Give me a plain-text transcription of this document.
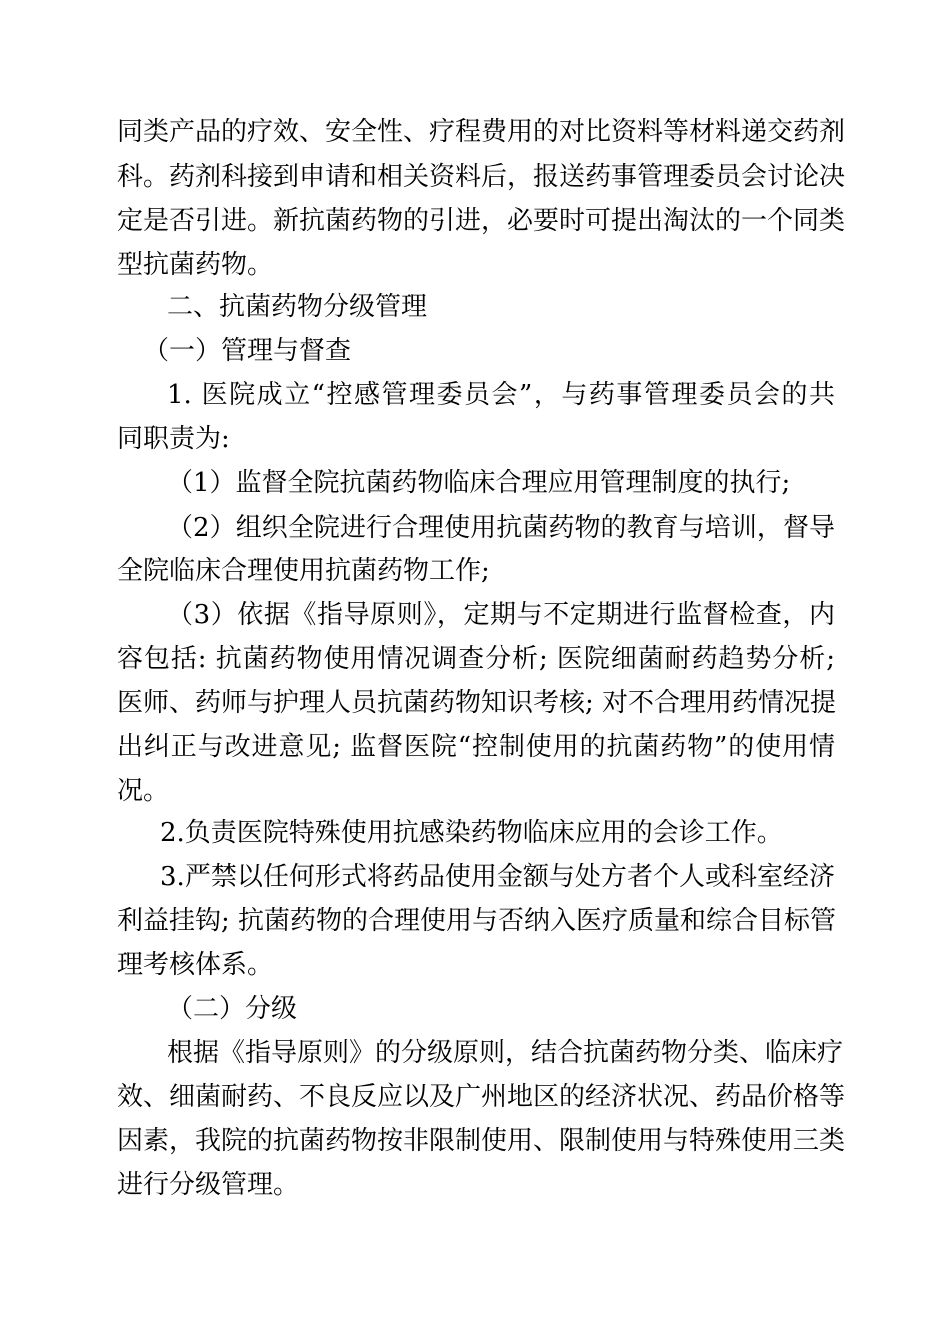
同类产品的疗效、安全性、疗程费用的对比资料等材料递交药剂
科。药剂科接到申请和相关资料后，报送药事管理委员会讨论决
定是否引进。新抗菌药物的引进，必要时可提出淘汰的一个同类
型抗菌药物。
二、抗菌药物分级管理
（一）管理与督查
1. 医院成立“控感管理委员会”，与药事管理委员会的共
同职责为:
（1）监督全院抗菌药物临床合理应用管理制度的执行;
（2）组织全院进行合理使用抗菌药物的教育与培训，督导
全院临床合理使用抗菌药物工作;
（3）依据《指导原则》，定期与不定期进行监督检查，内
容包括: 抗菌药物使用情况调查分析; 医院细菌耐药趋势分析;
医师、药师与护理人员抗菌药物知识考核; 对不合理用药情况提
出纠正与改进意见; 监督医院“控制使用的抗菌药物”的使用情
况。
2.负责医院特殊使用抗感染药物临床应用的会诊工作。
3.严禁以任何形式将药品使用金额与处方者个人或科室经济
利益挂钩; 抗菌药物的合理使用与否纳入医疗质量和综合目标管
理考核体系。
（二）分级
根据《指导原则》的分级原则，结合抗菌药物分类、临床疗
效、细菌耐药、不良反应以及广州地区的经济状况、药品价格等
因素，我院的抗菌药物按非限制使用、限制使用与特殊使用三类
进行分级管理。
